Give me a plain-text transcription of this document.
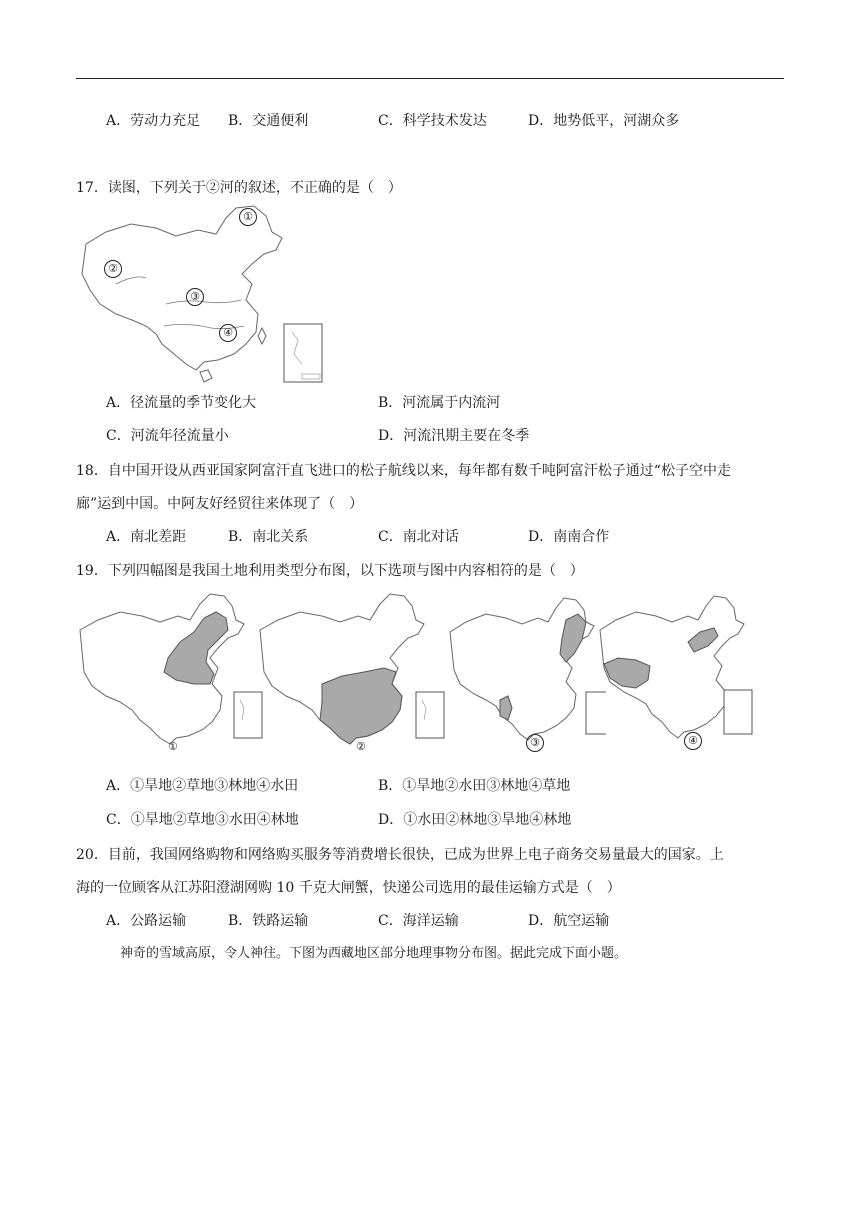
A．劳动力充足 B．交通便利	C．科学技术发达	D．地势低平，河湖众多
17．读图，下列关于②河的叙述，不正确的是（　）
①
②
③
④
A．径流量的季节变化大	B．河流属于内流河
C．河流年径流量小	D．河流汛期主要在冬季
18．自中国开设从西亚国家阿富汗直飞进口的松子航线以来，每年都有数千吨阿富汗松子通过“松子空中走
廊”运到中国。中阿友好经贸往来体现了（　）
A．南北差距	B．南北关系	C．南北对话	D．南南合作
19．下列四幅图是我国土地利用类型分布图，以下选项与图中内容相符的是（　）
①	②	③	④
A．①旱地②草地③林地④水田	B．①旱地②水田③林地④草地
C．①旱地②草地③水田④林地	D．①水田②林地③旱地④林地
20．目前，我国网络购物和网络购买服务等消费增长很快，已成为世界上电子商务交易量最大的国家。上
海的一位顾客从江苏阳澄湖网购 10 千克大闸蟹，快递公司选用的最佳运输方式是（　）
A．公路运输	B．铁路运输	C．海洋运输	D．航空运输
神奇的雪域高原，令人神往。下图为西藏地区部分地理事物分布图。据此完成下面小题。
